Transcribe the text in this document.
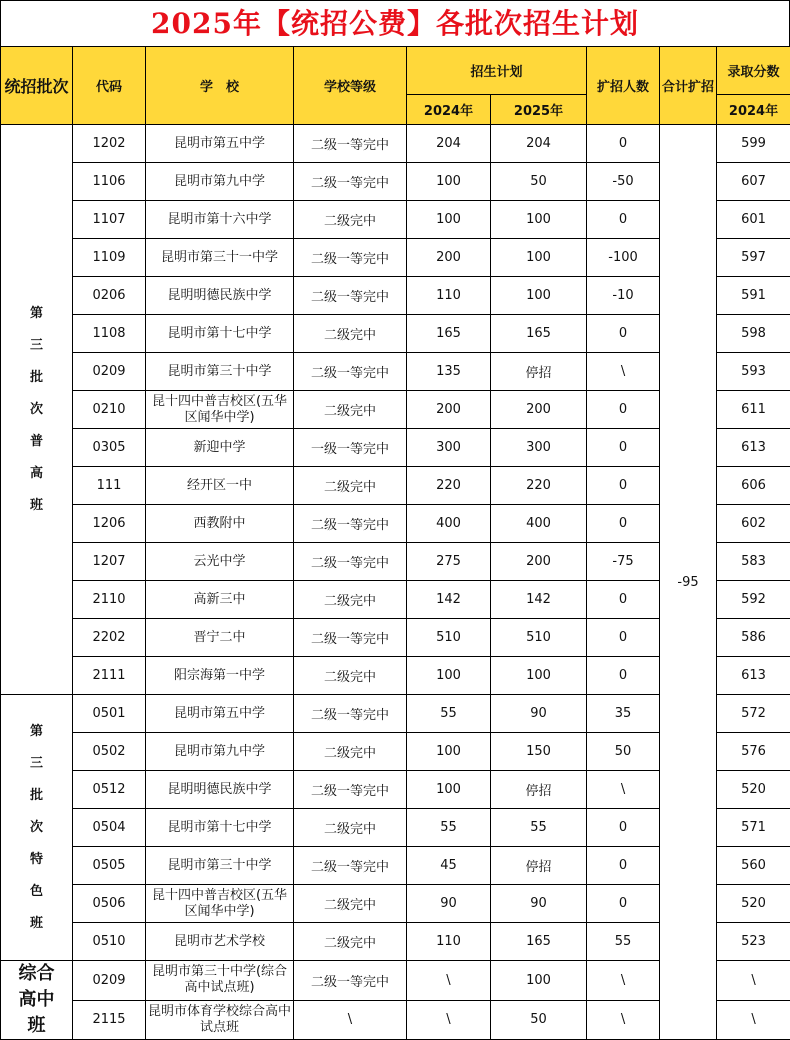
2025年【统招公费】各批次招生计划
统招批次	代码	学　校	学校等级	招生计划		扩招人数	合计扩招	录取分数
				2024年	2025年			2024年
第三批次普高班	1202	昆明市第五中学	二级一等完中	204	204	0	-95	599
	1106	昆明市第九中学	二级一等完中	100	50	-50		607
	1107	昆明市第十六中学	二级完中	100	100	0		601
	1109	昆明市第三十一中学	二级一等完中	200	100	-100		597
	0206	昆明明德民族中学	二级一等完中	110	100	-10		591
	1108	昆明市第十七中学	二级完中	165	165	0		598
	0209	昆明市第三十中学	二级一等完中	135	停招	\		593
	0210	昆十四中普吉校区(五华区闻华中学)	二级完中	200	200	0		611
	0305	新迎中学	一级一等完中	300	300	0		613
	111	经开区一中	二级完中	220	220	0		606
	1206	西教附中	二级一等完中	400	400	0		602
	1207	云光中学	二级一等完中	275	200	-75		583
	2110	高新三中	二级完中	142	142	0		592
	2202	晋宁二中	二级一等完中	510	510	0		586
	2111	阳宗海第一中学	二级完中	100	100	0		613
第三批次特色班	0501	昆明市第五中学	二级一等完中	55	90	35		572
	0502	昆明市第九中学	二级完中	100	150	50		576
	0512	昆明明德民族中学	二级一等完中	100	停招	\		520
	0504	昆明市第十七中学	二级完中	55	55	0		571
	0505	昆明市第三十中学	二级一等完中	45	停招	0		560
	0506	昆十四中普吉校区(五华区闻华中学)	二级完中	90	90	0		520
	0510	昆明市艺术学校	二级完中	110	165	55		523
综合高中班	0209	昆明市第三十中学(综合高中试点班)	二级一等完中	\	100	\		\
	2115	昆明市体育学校综合高中试点班	\	\	50	\		\
